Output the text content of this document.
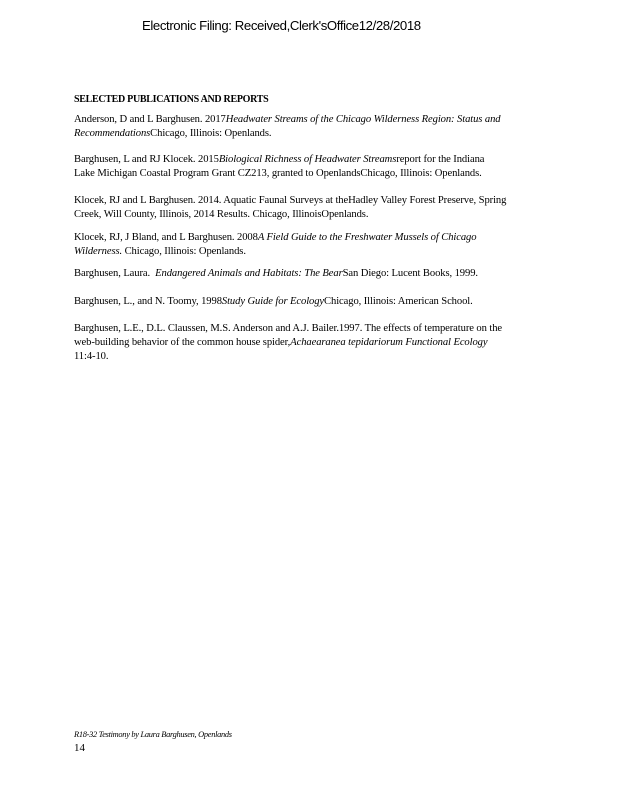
Electronic Filing: Received,Clerk'sOffice12/28/2018
SELECTED PUBLICATIONS AND REPORTS
Anderson, D and L Barghusen. 2017Headwater Streams of the Chicago Wilderness Region: Status and
RecommendationsChicago, Illinois: Openlands.
Barghusen, L and RJ Klocek. 2015Biological Richness of Headwater Streamsreport for the Indiana
Lake Michigan Coastal Program Grant CZ213, granted to OpenlandsChicago, Illinois: Openlands.
Klocek, RJ and L Barghusen. 2014. Aquatic Faunal Surveys at theHadley Valley Forest Preserve, Spring
Creek, Will County, Illinois, 2014 Results. Chicago, IllinoisOpenlands.
Klocek, RJ, J Bland, and L Barghusen. 2008A Field Guide to the Freshwater Mussels of Chicago
Wilderness. Chicago, Illinois: Openlands.
Barghusen, Laura.  Endangered Animals and Habitats: The BearSan Diego: Lucent Books, 1999.
Barghusen, L., and N. Toomy, 1998Study Guide for EcologyChicago, Illinois: American School.
Barghusen, L.E., D.L. Claussen, M.S. Anderson and A.J. Bailer.1997. The effects of temperature on the
web-building behavior of the common house spider,Achaearanea tepidariorum Functional Ecology
11:4-10.
R18-32 Testimony by Laura Barghusen, Openlands
14
